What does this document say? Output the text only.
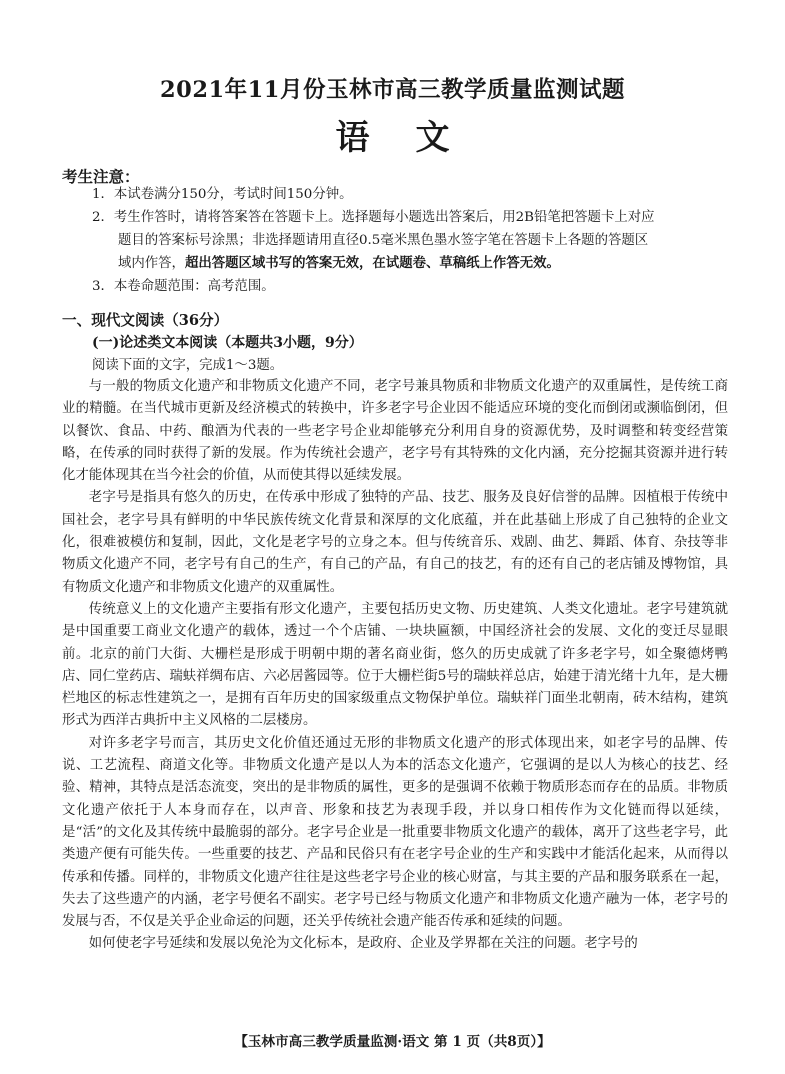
2021年11月份玉林市高三教学质量监测试题
语 文
考生注意：
1．本试卷满分150分，考试时间150分钟。
2．考生作答时，请将答案答在答题卡上。选择题每小题选出答案后，用2B铅笔把答题卡上对应
题目的答案标号涂黑；非选择题请用直径0.5毫米黑色墨水签字笔在答题卡上各题的答题区
域内作答，超出答题区域书写的答案无效，在试题卷、草稿纸上作答无效。
3．本卷命题范围：高考范围。
一、现代文阅读（36分）
(一)论述类文本阅读（本题共3小题，9分）
阅读下面的文字，完成1～3题。

与一般的物质文化遗产和非物质文化遗产不同，老字号兼具物质和非物质文化遗产的双重属性，是传统工商业的精髓。在当代城市更新及经济模式的转换中，许多老字号企业因不能适应环境的变化而倒闭或濒临倒闭，但以餐饮、食品、中药、酿酒为代表的一些老字号企业却能够充分利用自身的资源优势，及时调整和转变经营策略，在传承的同时获得了新的发展。作为传统社会遗产，老字号有其特殊的文化内涵，充分挖掘其资源并进行转化才能体现其在当今社会的价值，从而使其得以延续发展。

老字号是指具有悠久的历史，在传承中形成了独特的产品、技艺、服务及良好信誉的品牌。因植根于传统中国社会，老字号具有鲜明的中华民族传统文化背景和深厚的文化底蕴，并在此基础上形成了自己独特的企业文化，很难被模仿和复制，因此，文化是老字号的立身之本。但与传统音乐、戏剧、曲艺、舞蹈、体育、杂技等非物质文化遗产不同，老字号有自己的生产，有自己的产品，有自己的技艺，有的还有自己的老店铺及博物馆，具有物质文化遗产和非物质文化遗产的双重属性。

传统意义上的文化遗产主要指有形文化遗产，主要包括历史文物、历史建筑、人类文化遗址。老字号建筑就是中国重要工商业文化遗产的载体，透过一个个店铺、一块块匾额，中国经济社会的发展、文化的变迁尽显眼前。北京的前门大街、大栅栏是形成于明朝中期的著名商业街，悠久的历史成就了许多老字号，如全聚德烤鸭店、同仁堂药店、瑞蚨祥绸布店、六必居酱园等。位于大栅栏街5号的瑞蚨祥总店，始建于清光绪十九年，是大栅栏地区的标志性建筑之一，是拥有百年历史的国家级重点文物保护单位。瑞蚨祥门面坐北朝南，砖木结构，建筑形式为西洋古典折中主义风格的二层楼房。

对许多老字号而言，其历史文化价值还通过无形的非物质文化遗产的形式体现出来，如老字号的品牌、传说、工艺流程、商道文化等。非物质文化遗产是以人为本的活态文化遗产，它强调的是以人为核心的技艺、经验、精神，其特点是活态流变，突出的是非物质的属性，更多的是强调不依赖于物质形态而存在的品质。非物质文化遗产依托于人本身而存在，以声音、形象和技艺为表现手段，并以身口相传作为文化链而得以延续，是“活”的文化及其传统中最脆弱的部分。老字号企业是一批重要非物质文化遗产的载体，离开了这些老字号，此类遗产便有可能失传。一些重要的技艺、产品和民俗只有在老字号企业的生产和实践中才能活化起来，从而得以传承和传播。同样的，非物质文化遗产往往是这些老字号企业的核心财富，与其主要的产品和服务联系在一起，失去了这些遗产的内涵，老字号便名不副实。老字号已经与物质文化遗产和非物质文化遗产融为一体，老字号的发展与否，不仅是关乎企业命运的问题，还关乎传统社会遗产能否传承和延续的问题。

如何使老字号延续和发展以免沦为文化标本，是政府、企业及学界都在关注的问题。老字号的

【玉林市高三教学质量监测·语文 第 1 页（共8页）】
